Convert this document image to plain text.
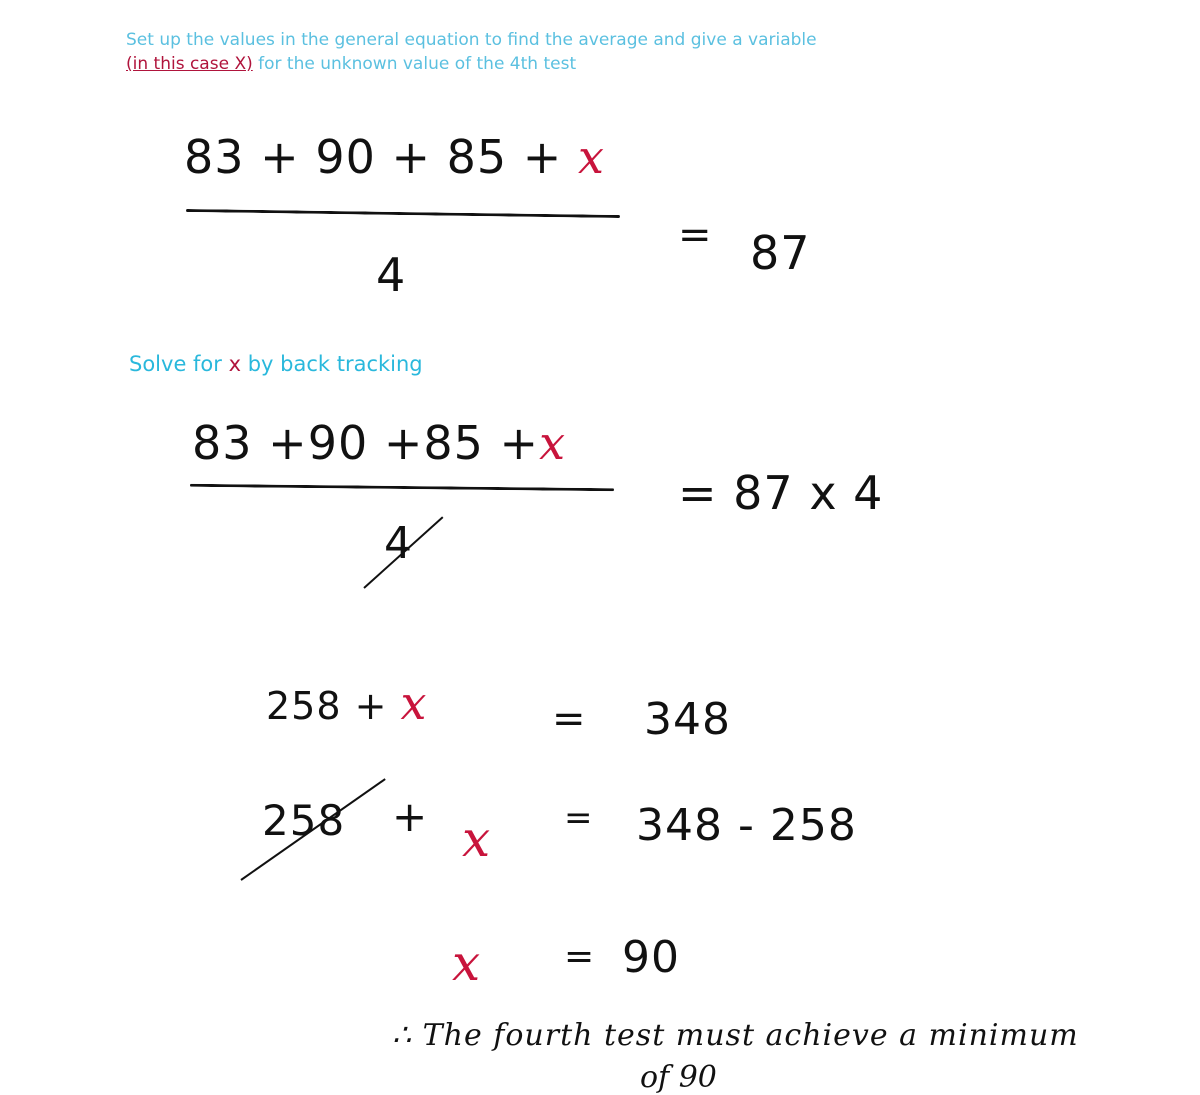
Set up the values in the general equation to find the average and give a variable
(in this case X) for the unknown value of the 4th test
83 + 90 + 85 + x
4
= 87
Solve for x by back tracking
83 +90 +85 +x
4
= 87 x 4
258 + x	= 348
258 + x = 348 - 258
x = 90
∴ The fourth test must achieve a minimum
of 90
